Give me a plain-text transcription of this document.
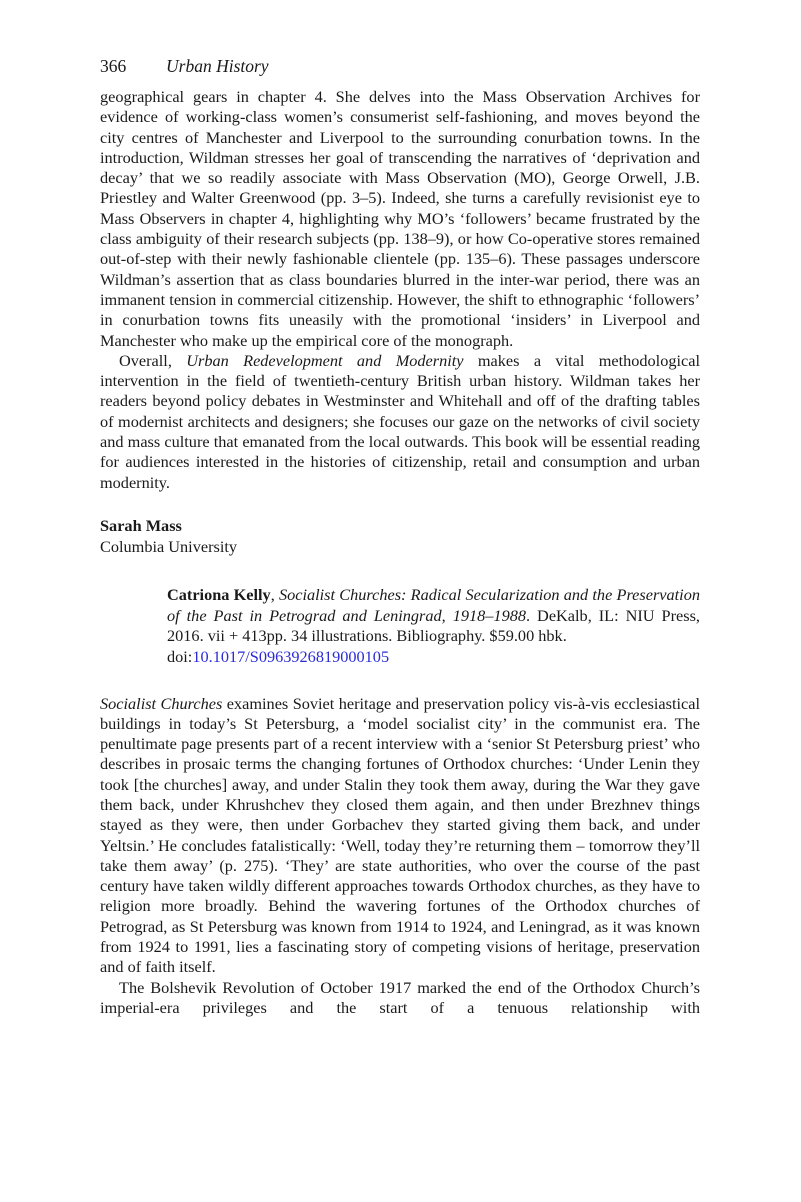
366 Urban History

geographical gears in chapter 4. She delves into the Mass Observation Archives for evidence of working-class women’s consumerist self-fashioning, and moves beyond the city centres of Manchester and Liverpool to the surrounding conurbation towns. In the introduction, Wildman stresses her goal of transcending the narratives of ‘deprivation and decay’ that we so readily associate with Mass Observation (MO), George Orwell, J.B. Priestley and Walter Greenwood (pp. 3–5). Indeed, she turns a carefully revisionist eye to Mass Observers in chapter 4, highlighting why MO’s ‘followers’ became frustrated by the class ambiguity of their research subjects (pp. 138–9), or how Co-operative stores remained out-of-step with their newly fashionable clientele (pp. 135–6). These passages underscore Wildman’s assertion that as class boundaries blurred in the inter-war period, there was an immanent tension in commercial citizenship. However, the shift to ethnographic ‘followers’ in conurbation towns fits uneasily with the promotional ‘insiders’ in Liverpool and Manchester who make up the empirical core of the monograph.

Overall, Urban Redevelopment and Modernity makes a vital methodological intervention in the field of twentieth-century British urban history. Wildman takes her readers beyond policy debates in Westminster and Whitehall and off of the drafting tables of modernist architects and designers; she focuses our gaze on the networks of civil society and mass culture that emanated from the local outwards. This book will be essential reading for audiences interested in the histories of citizenship, retail and consumption and urban modernity.

Sarah Mass
Columbia University
Catriona Kelly, Socialist Churches: Radical Secularization and the Preservation of the Past in Petrograd and Leningrad, 1918–1988. DeKalb, IL: NIU Press, 2016. vii + 413pp. 34 illustrations. Bibliography. $59.00 hbk.
doi:10.1017/S0963926819000105

Socialist Churches examines Soviet heritage and preservation policy vis-à-vis ecclesiastical buildings in today’s St Petersburg, a ‘model socialist city’ in the communist era. The penultimate page presents part of a recent interview with a ‘senior St Petersburg priest’ who describes in prosaic terms the changing fortunes of Orthodox churches: ‘Under Lenin they took [the churches] away, and under Stalin they took them away, during the War they gave them back, under Khrushchev they closed them again, and then under Brezhnev things stayed as they were, then under Gorbachev they started giving them back, and under Yeltsin.’ He concludes fatalistically: ‘Well, today they’re returning them – tomorrow they’ll take them away’ (p. 275). ‘They’ are state authorities, who over the course of the past century have taken wildly different approaches towards Orthodox churches, as they have to religion more broadly. Behind the wavering fortunes of the Orthodox churches of Petrograd, as St Petersburg was known from 1914 to 1924, and Leningrad, as it was known from 1924 to 1991, lies a fascinating story of competing visions of heritage, preservation and of faith itself.

The Bolshevik Revolution of October 1917 marked the end of the Orthodox Church’s imperial-era privileges and the start of a tenuous relationship with
